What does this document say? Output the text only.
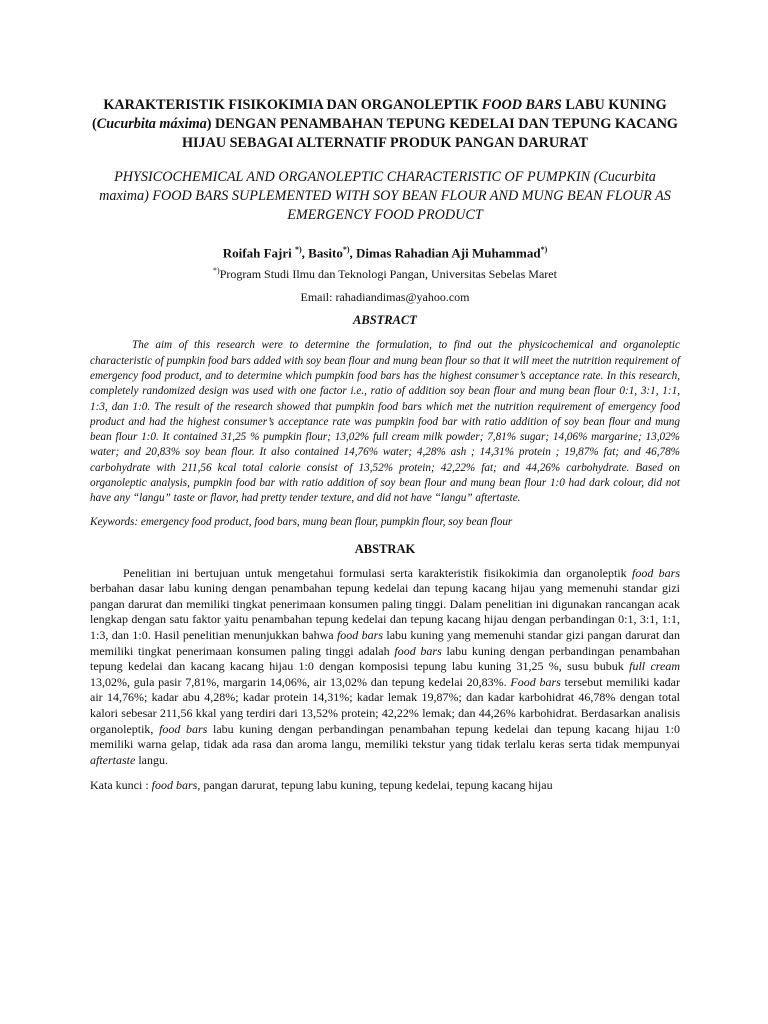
KARAKTERISTIK FISIKOKIMIA DAN ORGANOLEPTIK FOOD BARS LABU KUNING (Cucurbita máxima) DENGAN PENAMBAHAN TEPUNG KEDELAI DAN TEPUNG KACANG HIJAU SEBAGAI ALTERNATIF PRODUK PANGAN DARURAT

PHYSICOCHEMICAL AND ORGANOLEPTIC CHARACTERISTIC OF PUMPKIN (Cucurbita maxima) FOOD BARS SUPLEMENTED WITH SOY BEAN FLOUR AND MUNG BEAN FLOUR AS EMERGENCY FOOD PRODUCT

Roifah Fajri *), Basito*), Dimas Rahadian Aji Muhammad*)

*)Program Studi Ilmu dan Teknologi Pangan, Universitas Sebelas Maret

Email: rahadiandimas@yahoo.com

ABSTRACT

The aim of this research were to determine the formulation, to find out the physicochemical and organoleptic characteristic of pumpkin food bars added with soy bean flour and mung bean flour so that it will meet the nutrition requirement of emergency food product, and to determine which pumpkin food bars has the highest consumer’s acceptance rate. In this research, completely randomized design was used with one factor i.e., ratio of addition soy bean flour and mung bean flour 0:1, 3:1, 1:1, 1:3, dan 1:0. The result of the research showed that pumpkin food bars which met the nutrition requirement of emergency food product and had the highest consumer’s acceptance rate was pumpkin food bar with ratio addition of soy bean flour and mung bean flour 1:0. It contained 31,25 % pumpkin flour; 13,02% full cream milk powder; 7,81% sugar; 14,06% margarine; 13,02% water; and 20,83% soy bean flour. It also contained 14,76% water; 4,28% ash ; 14,31% protein ; 19,87% fat; and 46,78% carbohydrate with 211,56 kcal total calorie consist of 13,52% protein; 42,22% fat; and 44,26% carbohydrate. Based on organoleptic analysis, pumpkin food bar with ratio addition of soy bean flour and mung bean flour 1:0 had dark colour, did not have any “langu” taste or flavor, had pretty tender texture, and did not have “langu” aftertaste.

Keywords: emergency food product, food bars, mung bean flour, pumpkin flour, soy bean flour

ABSTRAK

Penelitian ini bertujuan untuk mengetahui formulasi serta karakteristik fisikokimia dan organoleptik food bars berbahan dasar labu kuning dengan penambahan tepung kedelai dan tepung kacang hijau yang memenuhi standar gizi pangan darurat dan memiliki tingkat penerimaan konsumen paling tinggi. Dalam penelitian ini digunakan rancangan acak lengkap dengan satu faktor yaitu penambahan tepung kedelai dan tepung kacang hijau dengan perbandingan 0:1, 3:1, 1:1, 1:3, dan 1:0. Hasil penelitian menunjukkan bahwa food bars labu kuning yang memenuhi standar gizi pangan darurat dan memiliki tingkat penerimaan konsumen paling tinggi adalah food bars labu kuning dengan perbandingan penambahan tepung kedelai dan kacang kacang hijau 1:0 dengan komposisi tepung labu kuning 31,25 %, susu bubuk full cream 13,02%, gula pasir 7,81%, margarin 14,06%, air 13,02% dan tepung kedelai 20,83%. Food bars tersebut memiliki kadar air 14,76%; kadar abu 4,28%; kadar protein 14,31%; kadar lemak 19,87%; dan kadar karbohidrat 46,78% dengan total kalori sebesar 211,56 kkal yang terdiri dari 13,52% protein; 42,22% lemak; dan 44,26% karbohidrat. Berdasarkan analisis organoleptik, food bars labu kuning dengan perbandingan penambahan tepung kedelai dan tepung kacang hijau 1:0 memiliki warna gelap, tidak ada rasa dan aroma langu, memiliki tekstur yang tidak terlalu keras serta tidak mempunyai aftertaste langu.

Kata kunci : food bars, pangan darurat, tepung labu kuning, tepung kedelai, tepung kacang hijau
